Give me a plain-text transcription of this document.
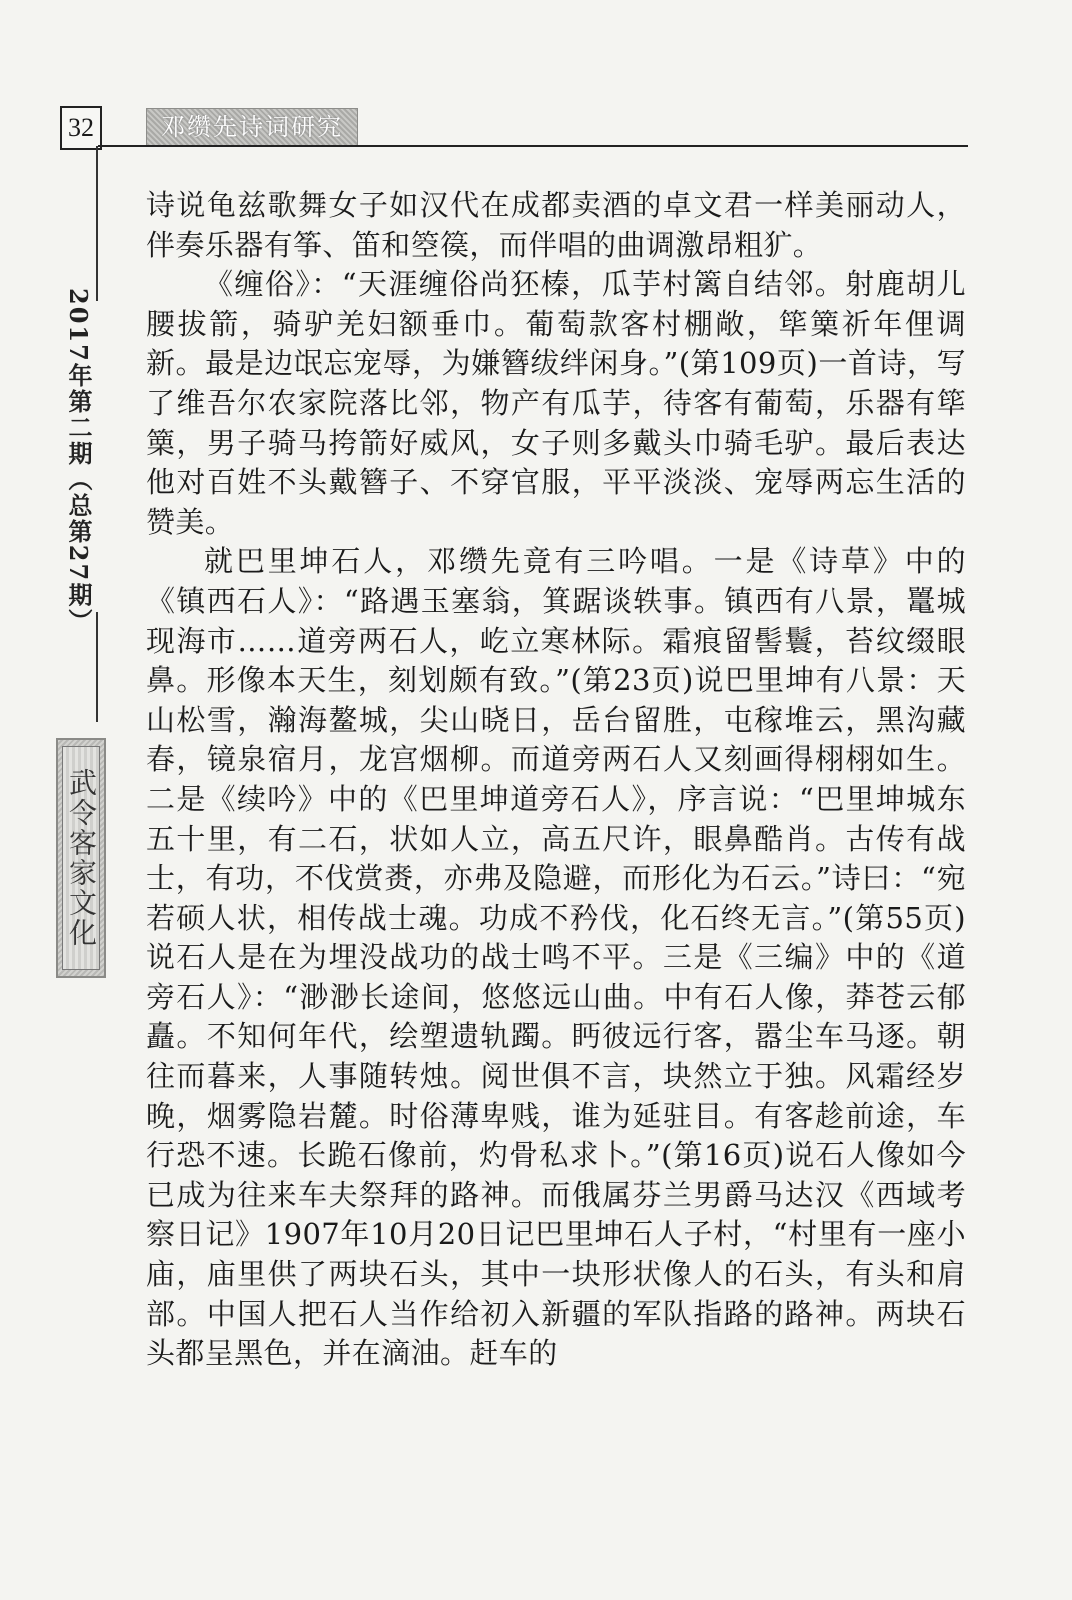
32	邓缵先诗词研究
2017年第二期（总第27期）
武令客家文化

诗说龟兹歌舞女子如汉代在成都卖酒的卓文君一样美丽动人，伴奏乐器有筝、笛和箜篌，而伴唱的曲调激昂粗犷。

《缠俗》：“天涯缠俗尚狉榛，瓜芋村篱自结邻。射鹿胡儿腰拔箭，骑驴羌妇额垂巾。葡萄款客村棚敞，筚篥祈年俚调新。最是边氓忘宠辱，为嫌簪绂绊闲身。”(第109页)一首诗，写了维吾尔农家院落比邻，物产有瓜芋，待客有葡萄，乐器有筚篥，男子骑马挎箭好威风，女子则多戴头巾骑毛驴。最后表达他对百姓不头戴簪子、不穿官服，平平淡淡、宠辱两忘生活的赞美。

就巴里坤石人，邓缵先竟有三吟唱。一是《诗草》中的《镇西石人》：“路遇玉塞翁，箕踞谈轶事。镇西有八景，鼍城现海市……道旁两石人，屹立寒林际。霜痕留髻鬟，苔纹缀眼鼻。形像本天生，刻划颇有致。”(第23页)说巴里坤有八景：天山松雪，瀚海鳌城，尖山晓日，岳台留胜，屯稼堆云，黑沟藏春，镜泉宿月，龙宫烟柳。而道旁两石人又刻画得栩栩如生。二是《续吟》中的《巴里坤道旁石人》，序言说：“巴里坤城东五十里，有二石，状如人立，高五尺许，眼鼻酷肖。古传有战士，有功，不伐赏赉，亦弗及隐避，而形化为石云。”诗曰：“宛若硕人状，相传战士魂。功成不矜伐，化石终无言。”(第55页)说石人是在为埋没战功的战士鸣不平。三是《三编》中的《道旁石人》：“渺渺长途间，悠悠远山曲。中有石人像，莽苍云郁矗。不知何年代，绘塑遗轨躅。眄彼远行客，嚣尘车马逐。朝往而暮来，人事随转烛。阅世俱不言，块然立于独。风霜经岁晚，烟雾隐岩麓。时俗薄卑贱，谁为延驻目。有客趁前途，车行恐不速。长跪石像前，灼骨私求卜。”(第16页)说石人像如今已成为往来车夫祭拜的路神。而俄属芬兰男爵马达汉《西域考察日记》1907年10月20日记巴里坤石人子村，“村里有一座小庙，庙里供了两块石头，其中一块形状像人的石头，有头和肩部。中国人把石人当作给初入新疆的军队指路的路神。两块石头都呈黑色，并在滴油。赶车的
